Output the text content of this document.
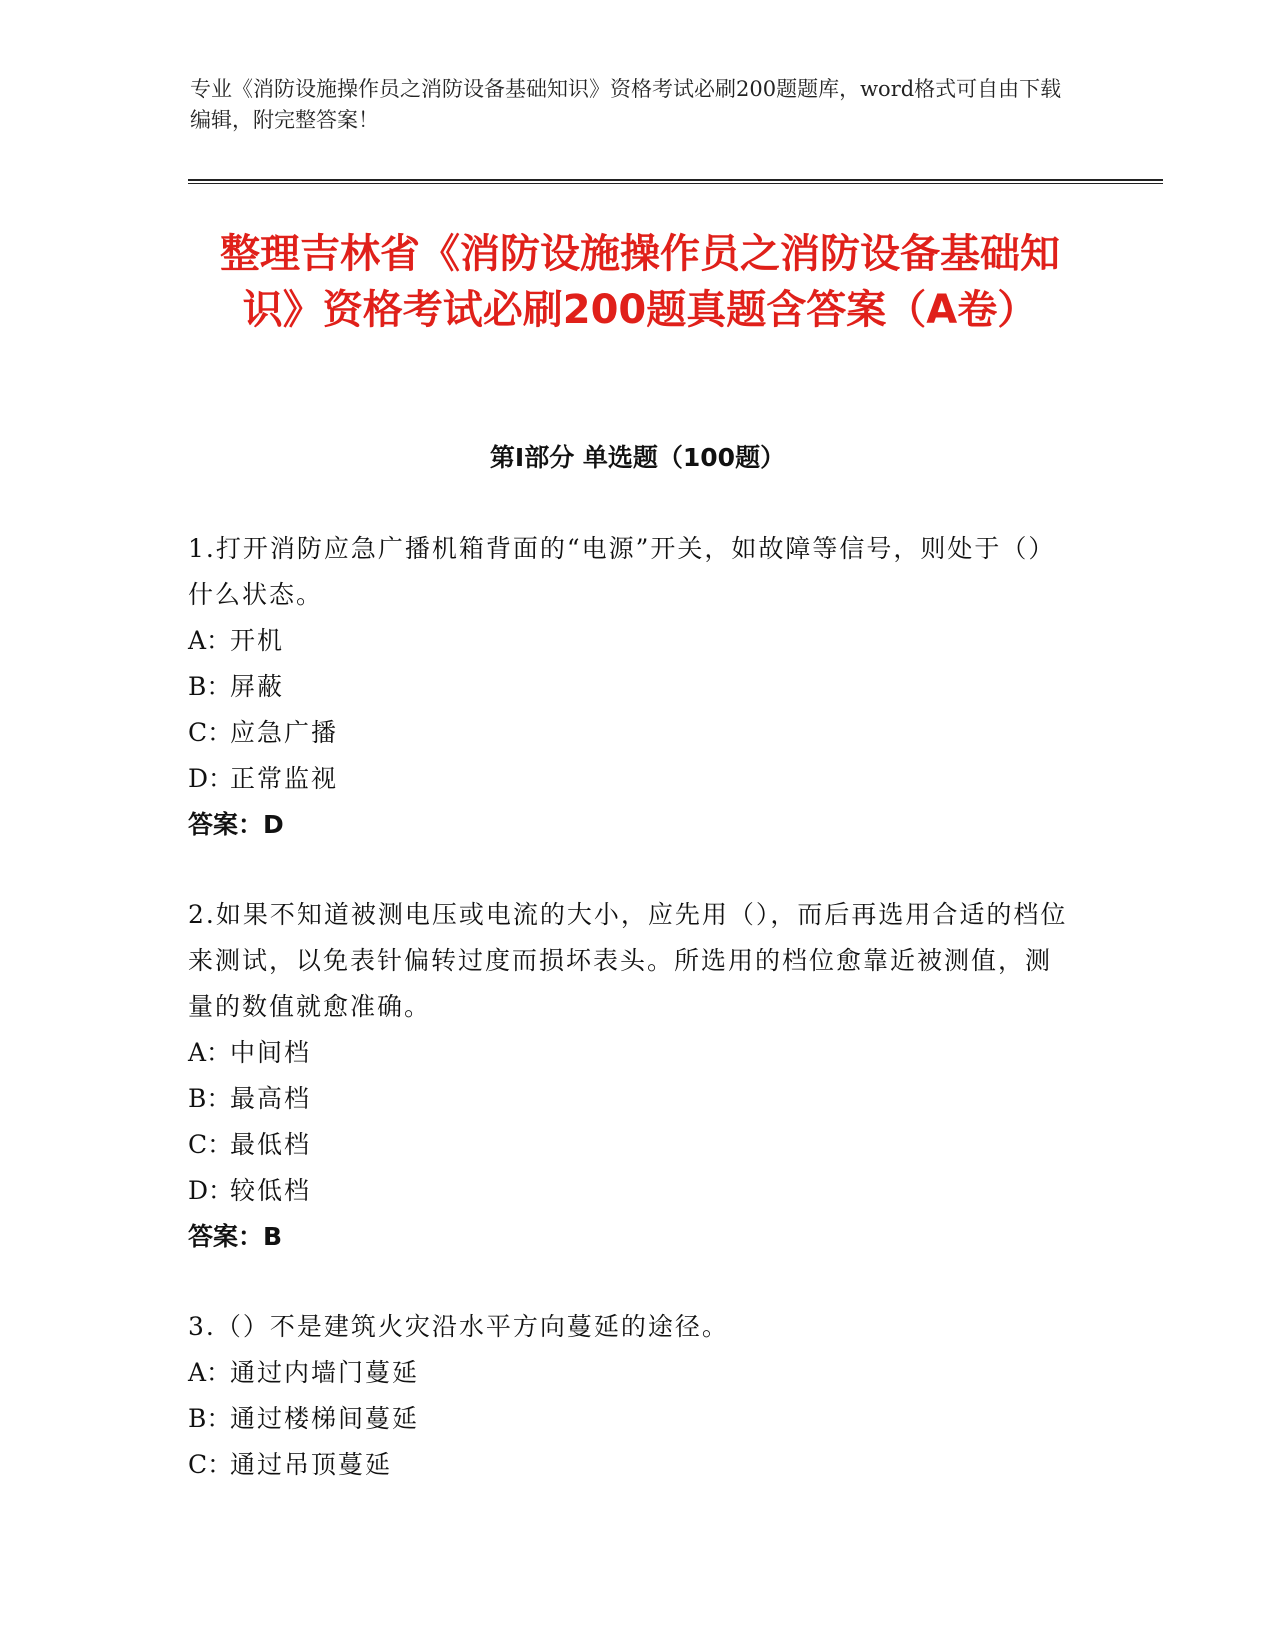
专业《消防设施操作员之消防设备基础知识》资格考试必刷200题题库，word格式可自由下载编辑，附完整答案！
整理吉林省《消防设施操作员之消防设备基础知识》资格考试必刷200题真题含答案（A卷）
第Ⅰ部分 单选题（100题）
1.打开消防应急广播机箱背面的“电源”开关，如故障等信号，则处于（）什么状态。
A：开机
B：屏蔽
C：应急广播
D：正常监视
答案：D
2.如果不知道被测电压或电流的大小，应先用（），而后再选用合适的档位来测试，以免表针偏转过度而损坏表头。所选用的档位愈靠近被测值，测量的数值就愈准确。
A：中间档
B：最高档
C：最低档
D：较低档
答案：B
3.（）不是建筑火灾沿水平方向蔓延的途径。
A：通过内墙门蔓延
B：通过楼梯间蔓延
C：通过吊顶蔓延
